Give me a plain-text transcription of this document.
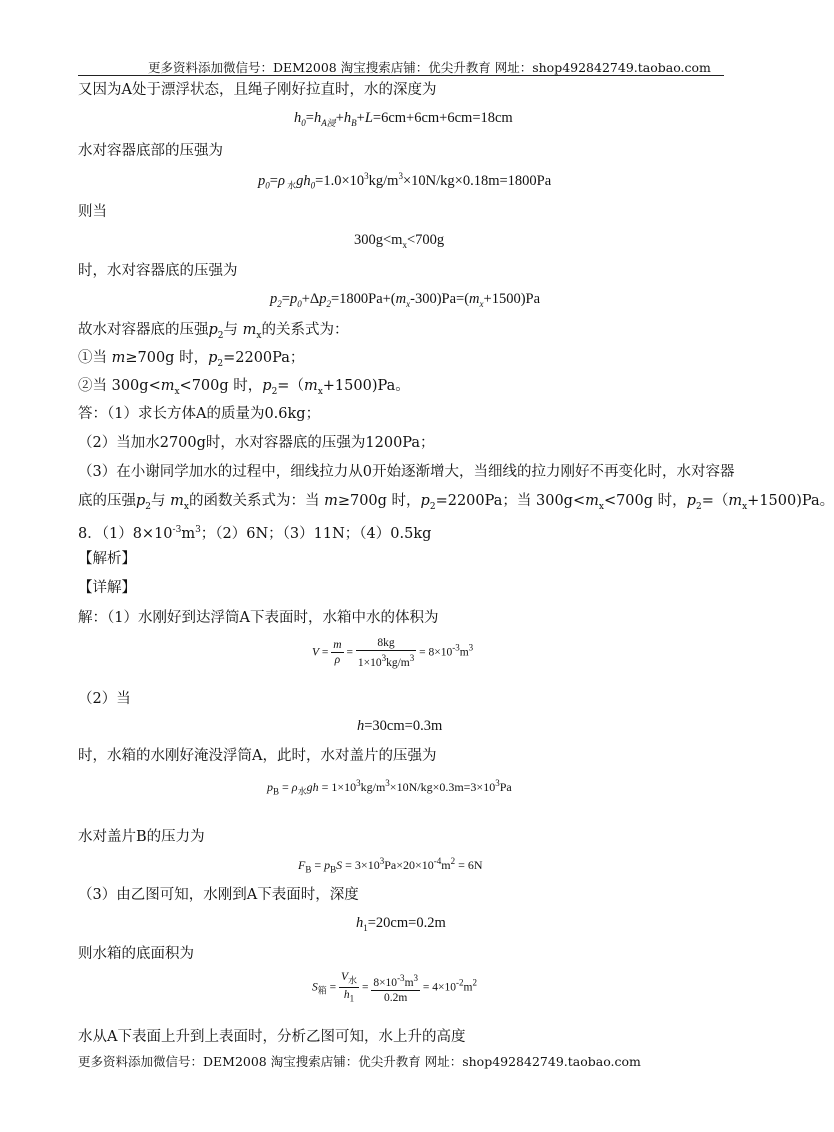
更多资料添加微信号：DEM2008 淘宝搜索店铺：优尖升教育 网址：shop492842749.taobao.com
又因为A处于漂浮状态，且绳子刚好拉直时，水的深度为
$h_0=h_{A浸}+h_B+L=6cm+6cm+6cm=18cm$
水对容器底部的压强为
$p_0=\rho$ $_水gh_0=1.0\times 10^3kg/m^3\times 10N/kg\times 0.18m=1800Pa$
则当
$300g<m_x<700g$
时，水对容器底的压强为
$p_2=p_0+\Delta p_2=1800Pa+(m_x-300)Pa=(m_x+1500)Pa$
故水对容器底的压强$p_2$与 $m_x$的关系式为：
①当 m≥700g 时，$p_2=2200Pa$；
②当 $300g<m_x<700g$ 时，$p_2=(m_x+1500)Pa$。
答：（1）求长方体A的质量为0.6kg；
（2）当加水2700g时，水对容器底的压强为1200Pa；
（3）在小谢同学加水的过程中，细线拉力从0开始逐渐增大，当细线的拉力刚好不再变化时，水对容器
底的压强$p_2$与 $m_x$的函数关系式为：当 m≥700g 时，$p_2=2200Pa$；当 $300g<m_x<700g$ 时，$p_2=(m_x+1500)Pa$。
8．$(1)8\times 10^{-3}m^3$；（2）6N；（3）11N；（4）0.5kg
【解析】
【详解】
解：（1）水刚好到达浮筒A下表面时，水箱中水的体积为
$V = \frac{m}{\rho} = \frac{8kg}{1\times 10^3kg/m^3} = 8\times 10^{-3}m^3$
（2）当
h=30cm=0.3m
时，水箱的水刚好淹没浮筒A，此时，水对盖片的压强为
$p_B = \rho_水gh = 1\times 10^3kg/m^3\times 10N/kg\times 0.3m=3\times 10^3Pa$
水对盖片B的压力为
$F_B = p_BS = 3\times 10^3Pa\times 20\times 10^{-4}m^2 = 6N$
（3）由乙图可知，水刚到A下表面时，深度
$h_1=20cm=0.2m$
则水箱的底面积为
$S_箱 = \frac{V_水}{h_1} = \frac{8\times 10^{-3}m^3}{0.2m} = 4\times 10^{-2}m^2$
水从A下表面上升到上表面时，分析乙图可知，水上升的高度
更多资料添加微信号：DEM2008 淘宝搜索店铺：优尖升教育 网址：shop492842749.taobao.com
